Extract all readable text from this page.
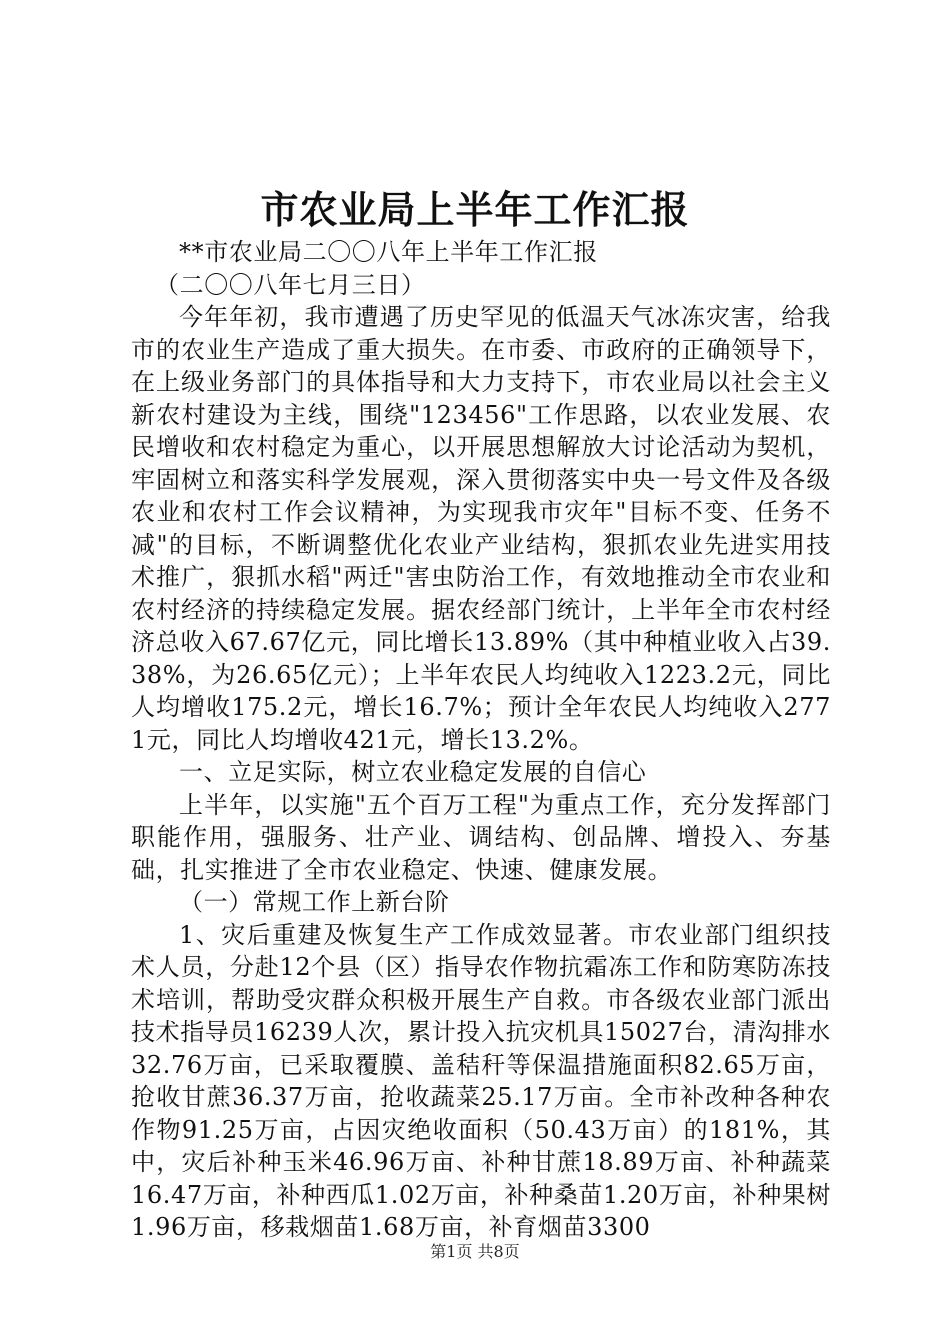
市农业局上半年工作汇报

**市农业局二〇〇八年上半年工作汇报

（二〇〇八年七月三日）

今年年初，我市遭遇了历史罕见的低温天气冰冻灾害，给我市的农业生产造成了重大损失。在市委、市政府的正确领导下，在上级业务部门的具体指导和大力支持下，市农业局以社会主义新农村建设为主线，围绕"123456"工作思路，以农业发展、农民增收和农村稳定为重心，以开展思想解放大讨论活动为契机，牢固树立和落实科学发展观，深入贯彻落实中央一号文件及各级农业和农村工作会议精神，为实现我市灾年"目标不变、任务不减"的目标，不断调整优化农业产业结构，狠抓农业先进实用技术推广，狠抓水稻"两迁"害虫防治工作，有效地推动全市农业和农村经济的持续稳定发展。据农经部门统计，上半年全市农村经济总收入67.67亿元，同比增长13.89%（其中种植业收入占39.38%，为26.65亿元）；上半年农民人均纯收入1223.2元，同比人均增收175.2元，增长16.7%；预计全年农民人均纯收入2771元，同比人均增收421元，增长13.2%。

一、立足实际，树立农业稳定发展的自信心

上半年，以实施"五个百万工程"为重点工作，充分发挥部门职能作用，强服务、壮产业、调结构、创品牌、增投入、夯基础，扎实推进了全市农业稳定、快速、健康发展。

（一）常规工作上新台阶

1、灾后重建及恢复生产工作成效显著。市农业部门组织技术人员，分赴12个县（区）指导农作物抗霜冻工作和防寒防冻技术培训，帮助受灾群众积极开展生产自救。市各级农业部门派出技术指导员16239人次，累计投入抗灾机具15027台，清沟排水32.76万亩，已采取覆膜、盖秸秆等保温措施面积82.65万亩，抢收甘蔗36.37万亩，抢收蔬菜25.17万亩。全市补改种各种农作物91.25万亩，占因灾绝收面积（50.43万亩）的181%，其中，灾后补种玉米46.96万亩、补种甘蔗18.89万亩、补种蔬菜16.47万亩，补种西瓜1.02万亩，补种桑苗1.20万亩，补种果树1.96万亩，移栽烟苗1.68万亩，补育烟苗3300

第1页 共8页
